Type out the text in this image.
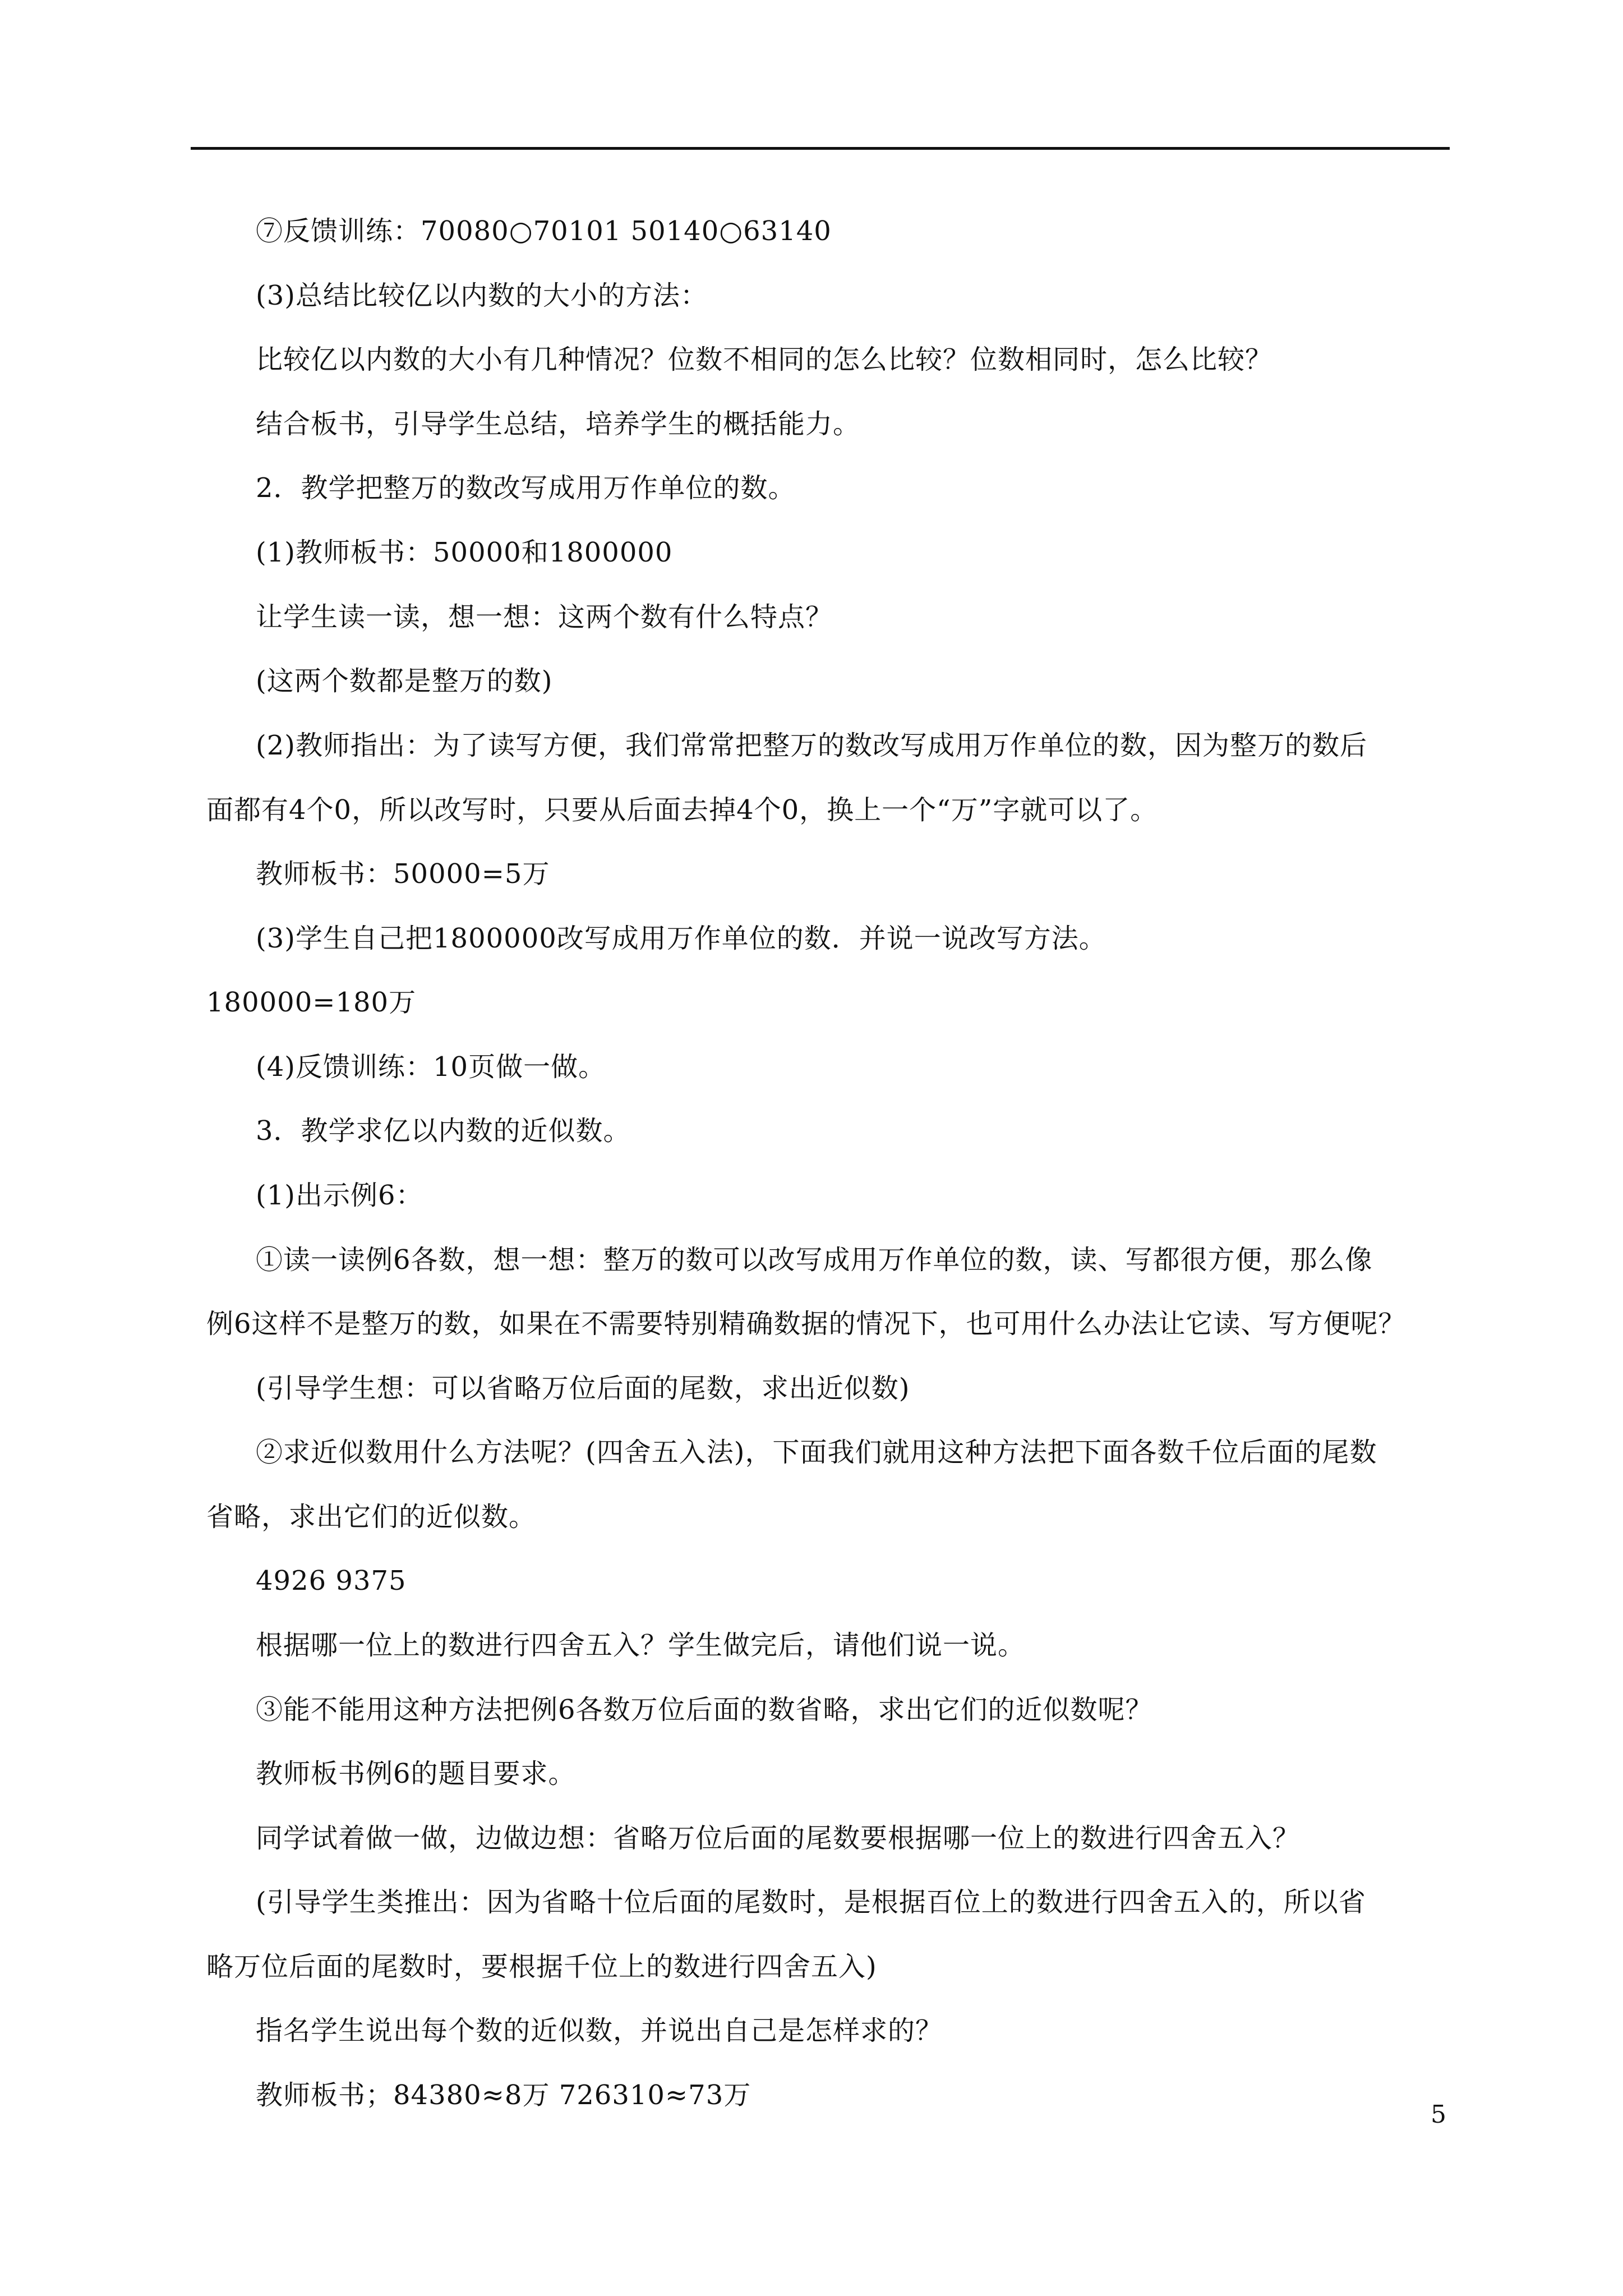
⑦反馈训练：70080○70101 50140○63140
(3)总结比较亿以内数的大小的方法：
比较亿以内数的大小有几种情况？位数不相同的怎么比较？位数相同时，怎么比较？
结合板书，引导学生总结，培养学生的概括能力。
2．教学把整万的数改写成用万作单位的数。
(1)教师板书：50000和1800000
让学生读一读，想一想：这两个数有什么特点？
(这两个数都是整万的数)
(2)教师指出：为了读写方便，我们常常把整万的数改写成用万作单位的数，因为整万的数后
面都有4个0，所以改写时，只要从后面去掉4个0，换上一个“万”字就可以了。
教师板书：50000=5万
(3)学生自己把1800000改写成用万作单位的数．并说一说改写方法。
180000=180万
(4)反馈训练：10页做一做。
3．教学求亿以内数的近似数。
(1)出示例6：
①读一读例6各数，想一想：整万的数可以改写成用万作单位的数，读、写都很方便，那么像
例6这样不是整万的数，如果在不需要特别精确数据的情况下，也可用什么办法让它读、写方便呢？
(引导学生想：可以省略万位后面的尾数，求出近似数)
②求近似数用什么方法呢？(四舍五入法)，下面我们就用这种方法把下面各数千位后面的尾数
省略，求出它们的近似数。
4926 9375
根据哪一位上的数进行四舍五入？学生做完后，请他们说一说。
③能不能用这种方法把例6各数万位后面的数省略，求出它们的近似数呢？
教师板书例6的题目要求。
同学试着做一做，边做边想：省略万位后面的尾数要根据哪一位上的数进行四舍五入？
(引导学生类推出：因为省略十位后面的尾数时，是根据百位上的数进行四舍五入的，所以省
略万位后面的尾数时，要根据千位上的数进行四舍五入)
指名学生说出每个数的近似数，并说出自己是怎样求的？
教师板书；84380≈8万 726310≈73万
5
